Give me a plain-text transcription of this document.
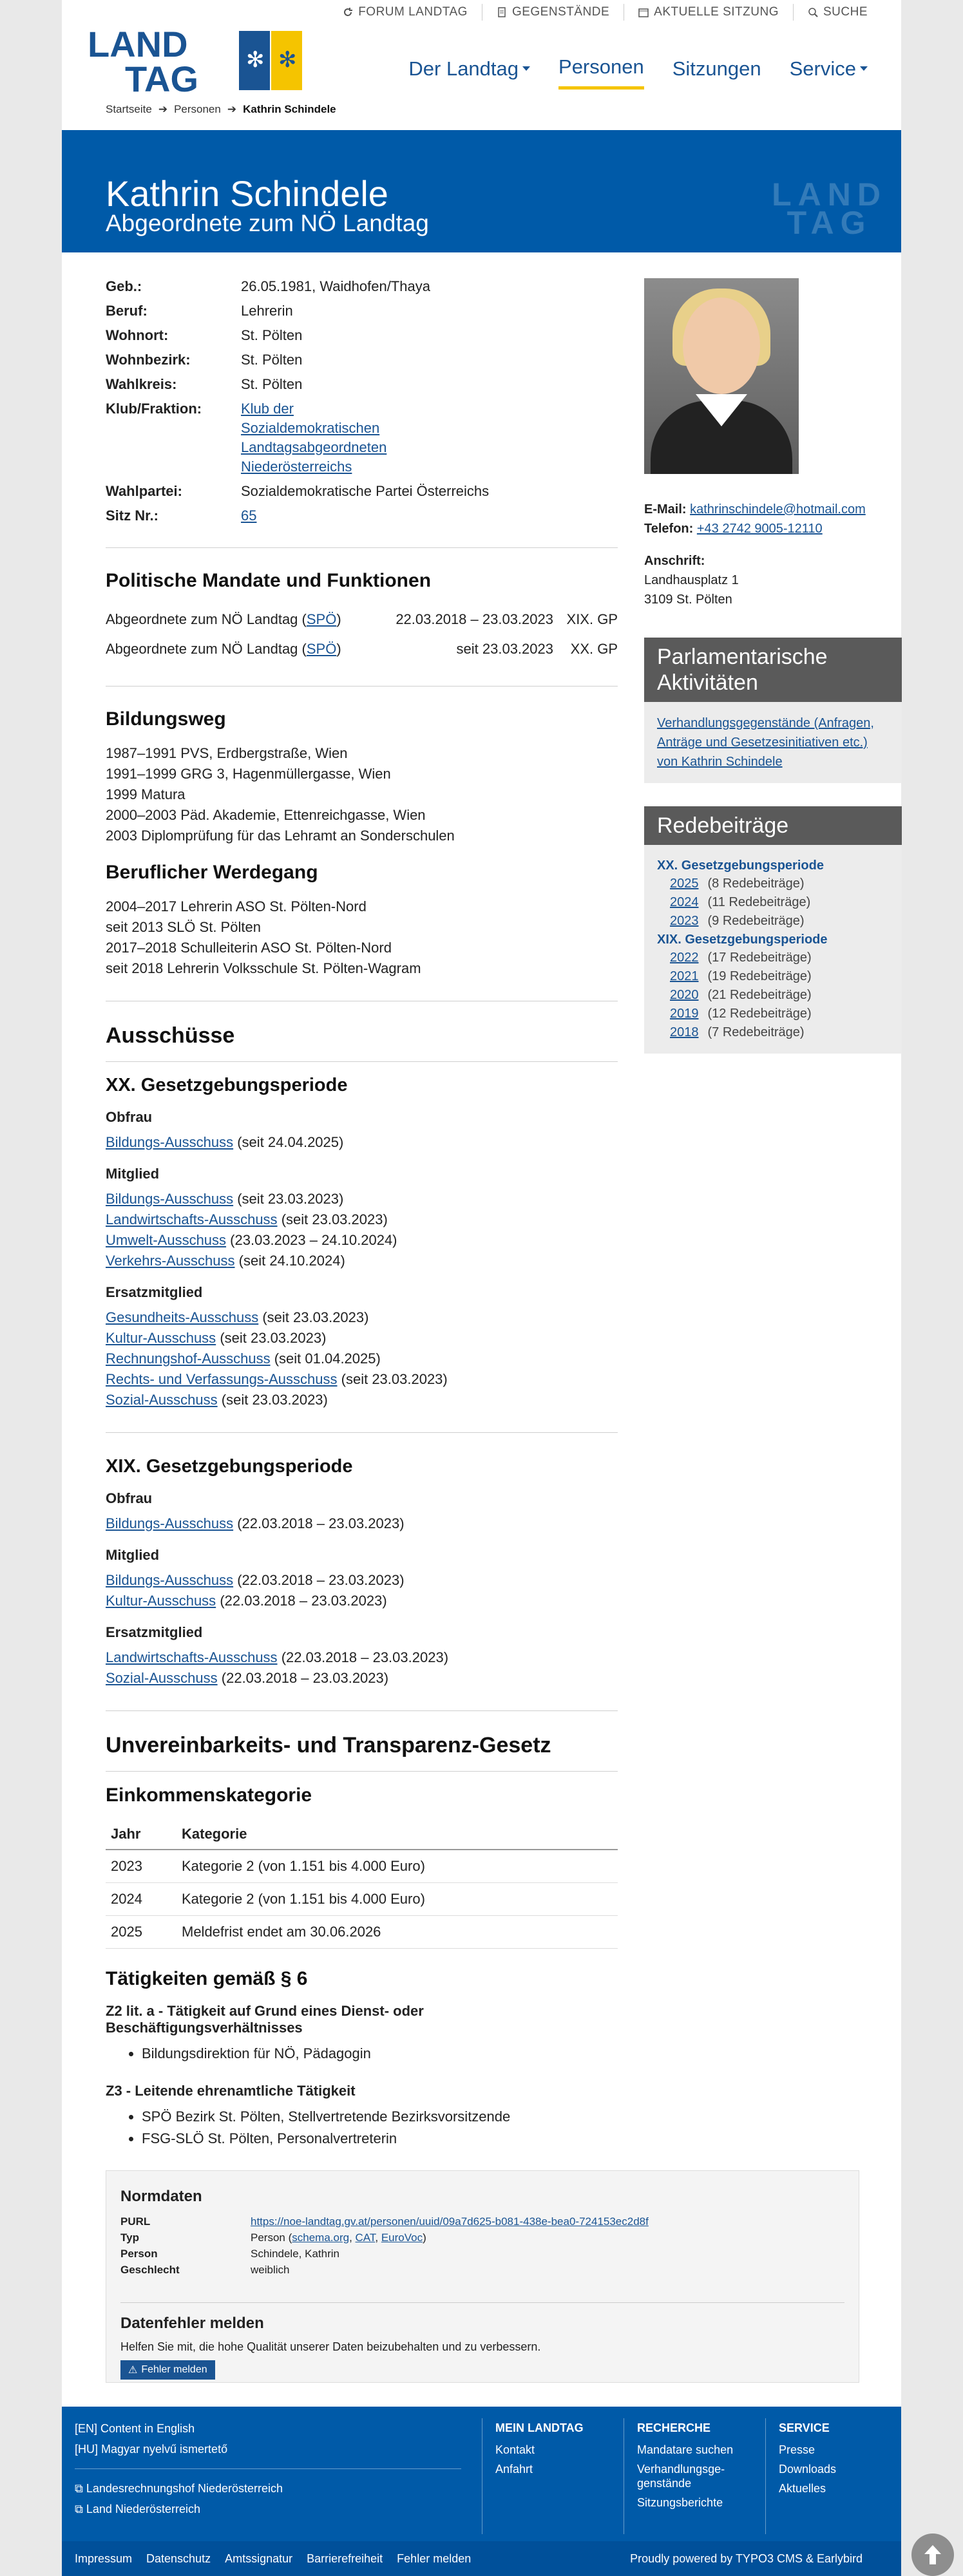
FORUM LANDTAG	GEGENSTÄNDE	AKTUELLE SITZUNG	SUCHE
LAND
TAG ✻ ✻	Der Landtag Personen Sitzungen Service
Startseite ➔ Personen ➔ Kathrin Schindele
Kathrin Schindele
Abgeordnete zum NÖ Landtag
LAND
TAG
Geb.:	26.05.1981, Waidhofen/Thaya
Beruf:	Lehrerin
Wohnort:	St. Pölten
Wohnbezirk:	St. Pölten
Wahlkreis:	St. Pölten
Klub/Fraktion:	Klub der Sozialdemokratischen Landtagsabgeordneten Niederösterreichs
Wahlpartei:	Sozialdemokratische Partei Österreichs
Sitz Nr.:	65
Politische Mandate und Funktionen
Abgeordnete zum NÖ Landtag (SPÖ)	22.03.2018 – 23.03.2023 XIX. GP
Abgeordnete zum NÖ Landtag (SPÖ)	seit 23.03.2023	XX. GP
Bildungsweg
1987–1991 PVS, Erdbergstraße, Wien
1991–1999 GRG 3, Hagenmüllergasse, Wien
1999 Matura
2000–2003 Päd. Akademie, Ettenreichgasse, Wien
2003 Diplomprüfung für das Lehramt an Sonderschulen
Beruflicher Werdegang
2004–2017 Lehrerin ASO St. Pölten-Nord
seit 2013 SLÖ St. Pölten
2017–2018 Schulleiterin ASO St. Pölten-Nord
seit 2018 Lehrerin Volksschule St. Pölten-Wagram
Ausschüsse
XX. Gesetzgebungsperiode
Obfrau
Bildungs-Ausschuss (seit 24.04.2025)
Mitglied
Bildungs-Ausschuss (seit 23.03.2023)
Landwirtschafts-Ausschuss (seit 23.03.2023)
Umwelt-Ausschuss (23.03.2023 – 24.10.2024)
Verkehrs-Ausschuss (seit 24.10.2024)
Ersatzmitglied
Gesundheits-Ausschuss (seit 23.03.2023)
Kultur-Ausschuss (seit 23.03.2023)
Rechnungshof-Ausschuss (seit 01.04.2025)
Rechts- und Verfassungs-Ausschuss (seit 23.03.2023)
Sozial-Ausschuss (seit 23.03.2023)
XIX. Gesetzgebungsperiode
Obfrau
Bildungs-Ausschuss (22.03.2018 – 23.03.2023)
Mitglied
Bildungs-Ausschuss (22.03.2018 – 23.03.2023)
Kultur-Ausschuss (22.03.2018 – 23.03.2023)
Ersatzmitglied
Landwirtschafts-Ausschuss (22.03.2018 – 23.03.2023)
Sozial-Ausschuss (22.03.2018 – 23.03.2023)
Unvereinbarkeits- und Transparenz-Gesetz
Einkommenskategorie
Jahr	Kategorie
2023	Kategorie 2 (von 1.151 bis 4.000 Euro)
2024	Kategorie 2 (von 1.151 bis 4.000 Euro)
2025	Meldefrist endet am 30.06.2026
Tätigkeiten gemäß § 6
Z2 lit. a - Tätigkeit auf Grund eines Dienst- oder Beschäftigungsverhältnisses
• Bildungsdirektion für NÖ, Pädagogin
Z3 - Leitende ehrenamtliche Tätigkeit
• SPÖ Bezirk St. Pölten, Stellvertretende Bezirksvorsitzende
• FSG-SLÖ St. Pölten, Personalvertreterin
E-Mail: kathrinschindele@hotmail.com
Telefon: +43 2742 9005-12110
Anschrift:
Landhausplatz 1
3109 St. Pölten
Parlamentarische Aktivitäten
Verhandlungsgegenstände (Anfragen, Anträge und Gesetzesinitiativen etc.) von Kathrin Schindele
Redebeiträge
XX. Gesetzgebungsperiode
2025 (8 Redebeiträge)
2024 (11 Redebeiträge)
2023 (9 Redebeiträge)
XIX. Gesetzgebungsperiode
2022 (17 Redebeiträge)
2021 (19 Redebeiträge)
2020 (21 Redebeiträge)
2019 (12 Redebeiträge)
2018 (7 Redebeiträge)
Normdaten
PURL	https://noe-landtag.gv.at/personen/uuid/09a7d625-b081-438e-bea0-724153ec2d8f
Typ	Person (schema.org, CAT, EuroVoc)
Person	Schindele, Kathrin
Geschlecht	weiblich
Datenfehler melden

Helfen Sie mit, die hohe Qualität unserer Daten beizubehalten und zu verbessern.

⚠ Fehler melden
[EN] Content in English
[HU] Magyar nyelvű ismertető
⧉ Landesrechnungshof Niederösterreich
⧉ Land Niederösterreich
MEIN LANDTAG
Kontakt
Anfahrt
RECHERCHE
Mandatare suchen
Verhandlungsge-genstände
Sitzungsberichte
SERVICE
Presse
Downloads
Aktuelles
Impressum Datenschutz Amtssignatur Barrierefreiheit Fehler melden	Proudly powered by TYPO3 CMS & Earlybird
